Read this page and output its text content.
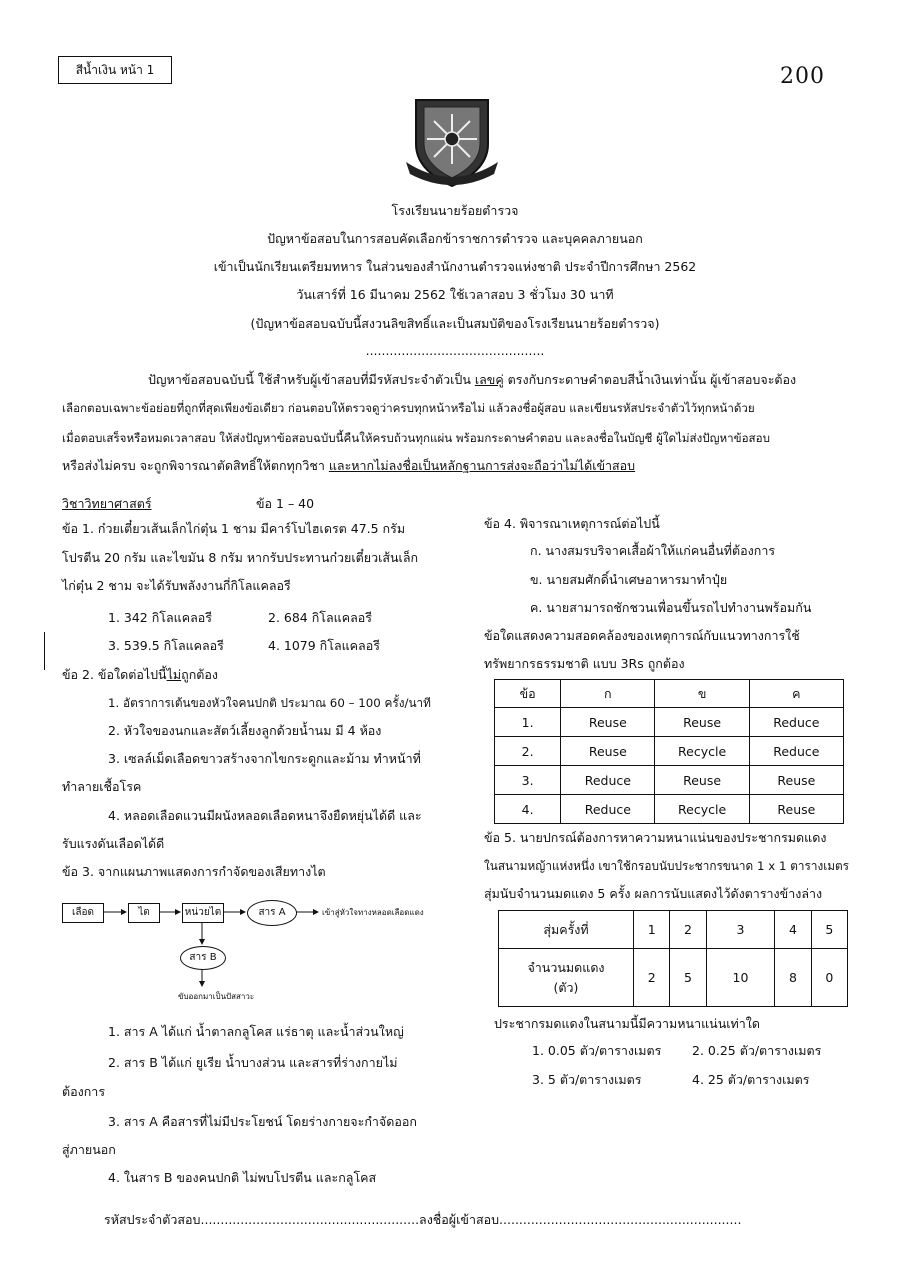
สีน้ำเงิน หน้า 1	200
โรงเรียนนายร้อยตำรวจ
ปัญหาข้อสอบในการสอบคัดเลือกข้าราชการตำรวจ และบุคคลภายนอก
เข้าเป็นนักเรียนเตรียมทหาร ในส่วนของสำนักงานตำรวจแห่งชาติ ประจำปีการศึกษา 2562
วันเสาร์ที่ 16 มีนาคม 2562 ใช้เวลาสอบ 3 ชั่วโมง 30 นาที
(ปัญหาข้อสอบฉบับนี้สงวนลิขสิทธิ์และเป็นสมบัติของโรงเรียนนายร้อยตำรวจ)
.............................................
ปัญหาข้อสอบฉบับนี้ ใช้สำหรับผู้เข้าสอบที่มีรหัสประจำตัวเป็น เลขคู่ ตรงกับกระดาษคำตอบสีน้ำเงินเท่านั้น ผู้เข้าสอบจะต้อง
เลือกตอบเฉพาะข้อย่อยที่ถูกที่สุดเพียงข้อเดียว ก่อนตอบให้ตรวจดูว่าครบทุกหน้าหรือไม่ แล้วลงชื่อผู้สอบ และเขียนรหัสประจำตัวไว้ทุกหน้าด้วย
เมื่อตอบเสร็จหรือหมดเวลาสอบ ให้ส่งปัญหาข้อสอบฉบับนี้คืนให้ครบถ้วนทุกแผ่น พร้อมกระดาษคำตอบ และลงชื่อในบัญชี ผู้ใดไม่ส่งปัญหาข้อสอบ
หรือส่งไม่ครบ จะถูกพิจารณาตัดสิทธิ์ให้ตกทุกวิชา และหากไม่ลงชื่อเป็นหลักฐานการส่งจะถือว่าไม่ได้เข้าสอบ
วิชาวิทยาศาสตร์	ข้อ 1 – 40
ข้อ 1. ก๋วยเตี๋ยวเส้นเล็กไก่ตุ๋น 1 ชาม มีคาร์โบไฮเดรต 47.5 กรัม
โปรตีน 20 กรัม และไขมัน 8 กรัม หากรับประทานก๋วยเตี๋ยวเส้นเล็ก
ไก่ตุ๋น 2 ชาม จะได้รับพลังงานกี่กิโลแคลอรี
1. 342 กิโลแคลอรี	2. 684 กิโลแคลอรี
3. 539.5 กิโลแคลอรี	4. 1079 กิโลแคลอรี
ข้อ 2. ข้อใดต่อไปนี้ไม่ถูกต้อง
1. อัตราการเต้นของหัวใจคนปกติ ประมาณ 60 – 100 ครั้ง/นาที
2. หัวใจของนกและสัตว์เลี้ยงลูกด้วยน้ำนม มี 4 ห้อง
3. เซลล์เม็ดเลือดขาวสร้างจากไขกระดูกและม้าม ทำหน้าที่
ทำลายเชื้อโรค
4. หลอดเลือดแวนมีผนังหลอดเลือดหนาจึงยืดหยุ่นได้ดี และ
รับแรงดันเลือดได้ดี
ข้อ 3. จากแผนภาพแสดงการกำจัดของเสียทางไต
เลือด	ไต	หน่วยไต	สาร A
สาร B
เข้าสู่หัวใจทางหลอดเลือดแดง
ขับออกมาเป็นปัสสาวะ
1. สาร A ได้แก่ น้ำตาลกลูโคส แร่ธาตุ และน้ำส่วนใหญ่
2. สาร B ได้แก่ ยูเรีย น้ำบางส่วน และสารที่ร่างกายไม่
ต้องการ
3. สาร A คือสารที่ไม่มีประโยชน์ โดยร่างกายจะกำจัดออก
สู่ภายนอก
4. ในสาร B ของคนปกติ ไม่พบโปรตีน และกลูโคส
ข้อ 4. พิจารณาเหตุการณ์ต่อไปนี้
ก. นางสมรบริจาคเสื้อผ้าให้แก่คนอื่นที่ต้องการ
ข. นายสมศักดิ์นำเศษอาหารมาทำปุ๋ย
ค. นายสามารถชักชวนเพื่อนขึ้นรถไปทำงานพร้อมกัน
ข้อใดแสดงความสอดคล้องของเหตุการณ์กับแนวทางการใช้
ทรัพยากรธรรมชาติ แบบ 3Rs ถูกต้อง
ข้อ	ก	ข	ค
1.	Reuse	Reuse	Reduce
2.	Reuse	Recycle	Reduce
3.	Reduce	Reuse	Reuse
4.	Reduce	Recycle	Reuse
ข้อ 5. นายปกรณ์ต้องการหาความหนาแน่นของประชากรมดแดง
ในสนามหญ้าแห่งหนึ่ง เขาใช้กรอบนับประชากรขนาด 1 x 1 ตารางเมตร
สุ่มนับจำนวนมดแดง 5 ครั้ง ผลการนับแสดงไว้ดังตารางข้างล่าง
สุ่มครั้งที่	1	2	3	4	5
จำนวนมดแดง
(ตัว)	2	5	10	8	0
ประชากรมดแดงในสนามนี้มีความหนาแน่นเท่าใด
1. 0.05 ตัว/ตารางเมตร 2. 0.25 ตัว/ตารางเมตร
3. 5 ตัว/ตารางเมตร	4. 25 ตัว/ตารางเมตร
รหัสประจำตัวสอบ.......................................................ลงชื่อผู้เข้าสอบ.............................................................
